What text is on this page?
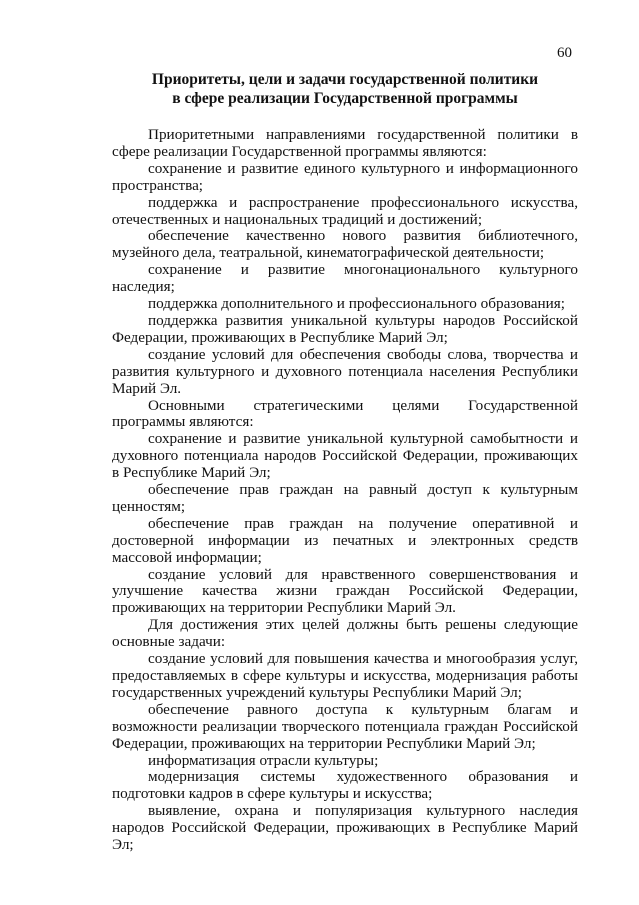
60
Приоритеты, цели и задачи государственной политики
в сфере реализации Государственной программы

Приоритетными направлениями государственной политики в сфере реализации Государственной программы являются:

сохранение и развитие единого культурного и информационного пространства;

поддержка и распространение профессионального искусства, отечественных и национальных традиций и достижений;

обеспечение качественно нового развития библиотечного, музейного дела, театральной, кинематографической деятельности;

сохранение и развитие многонационального культурного наследия;

поддержка дополнительного и профессионального образования;

поддержка развития уникальной культуры народов Российской Федерации, проживающих в Республике Марий Эл;

создание условий для обеспечения свободы слова, творчества и развития культурного и духовного потенциала населения Республики Марий Эл.

Основными стратегическими целями Государственной программы являются:

сохранение и развитие уникальной культурной самобытности и духовного потенциала народов Российской Федерации, проживающих в Республике Марий Эл;

обеспечение прав граждан на равный доступ к культурным ценностям;

обеспечение прав граждан на получение оперативной и достоверной информации из печатных и электронных средств массовой информации;

создание условий для нравственного совершенствования и улучшение качества жизни граждан Российской Федерации, проживающих на территории Республики Марий Эл.

Для достижения этих целей должны быть решены следующие основные задачи:

создание условий для повышения качества и многообразия услуг, предоставляемых в сфере культуры и искусства, модернизация работы государственных учреждений культуры Республики Марий Эл;

обеспечение равного доступа к культурным благам и возможности реализации творческого потенциала граждан Российской Федерации, проживающих на территории Республики Марий Эл;

информатизация отрасли культуры;

модернизация системы художественного образования и подготовки кадров в сфере культуры и искусства;

выявление, охрана и популяризация культурного наследия народов Российской Федерации, проживающих в Республике Марий Эл;
